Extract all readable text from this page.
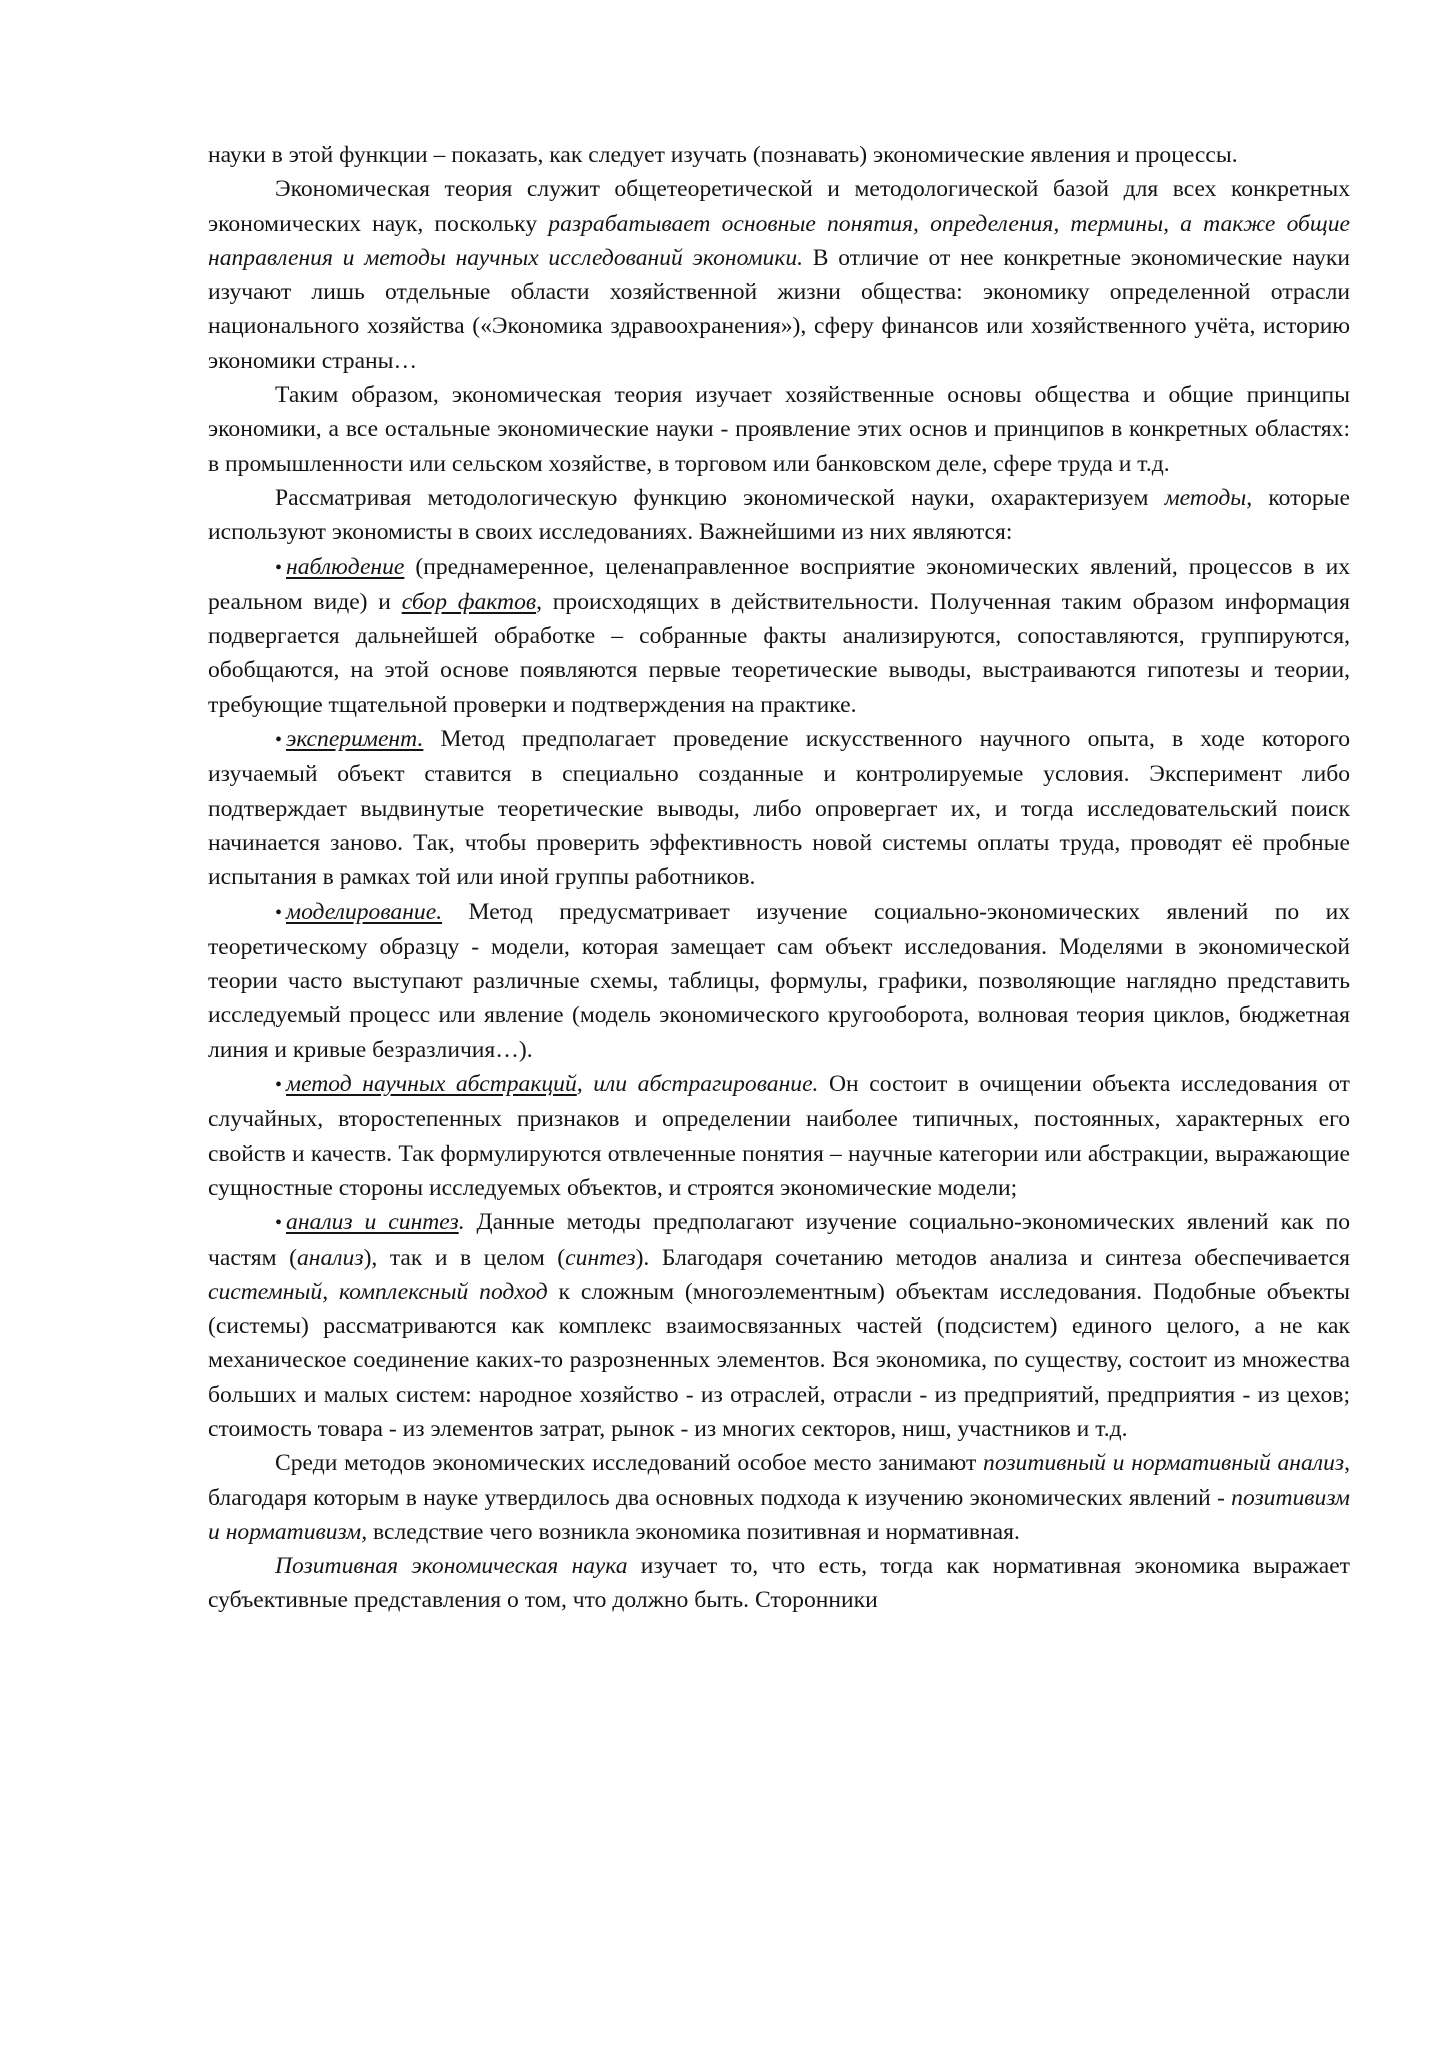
науки в этой функции – показать, как следует изучать (познавать) экономические явления и процессы.

Экономическая теория служит общетеоретической и методологической базой для всех конкретных экономических наук, поскольку разрабатывает основные понятия, определения, термины, а также общие направления и методы научных исследований экономики. В отличие от нее конкретные экономические науки изучают лишь отдельные области хозяйственной жизни общества: экономику определенной отрасли национального хозяйства («Экономика здравоохранения»), сферу финансов или хозяйственного учёта, историю экономики страны…

Таким образом, экономическая теория изучает хозяйственные основы общества и общие принципы экономики, а все остальные экономические науки - проявление этих основ и принципов в конкретных областях: в промышленности или сельском хозяйстве, в торговом или банковском деле, сфере труда и т.д.

Рассматривая методологическую функцию экономической науки, охарактеризуем методы, которые используют экономисты в своих исследованиях. Важнейшими из них являются:

• наблюдение (преднамеренное, целенаправленное восприятие экономических явлений, процессов в их реальном виде) и сбор фактов, происходящих в действительности. Полученная таким образом информация подвергается дальнейшей обработке – собранные факты анализируются, сопоставляются, группируются, обобщаются, на этой основе появляются первые теоретические выводы, выстраиваются гипотезы и теории, требующие тщательной проверки и подтверждения на практике.

• эксперимент. Метод предполагает проведение искусственного научного опыта, в ходе которого изучаемый объект ставится в специально созданные и контролируемые условия. Эксперимент либо подтверждает выдвинутые теоретические выводы, либо опровергает их, и тогда исследовательский поиск начинается заново. Так, чтобы проверить эффективность новой системы оплаты труда, проводят её пробные испытания в рамках той или иной группы работников.

• моделирование. Метод предусматривает изучение социально-экономических явлений по их теоретическому образцу - модели, которая замещает сам объект исследования. Моделями в экономической теории часто выступают различные схемы, таблицы, формулы, графики, позволяющие наглядно представить исследуемый процесс или явление (модель экономического кругооборота, волновая теория циклов, бюджетная линия и кривые безразличия…).

• метод научных абстракций, или абстрагирование. Он состоит в очищении объекта исследования от случайных, второстепенных признаков и определении наиболее типичных, постоянных, характерных его свойств и качеств. Так формулируются отвлеченные понятия – научные категории или абстракции, выражающие сущностные стороны исследуемых объектов, и строятся экономические модели;

• анализ и синтез. Данные методы предполагают изучение социально-экономических явлений как по частям (анализ), так и в целом (синтез). Благодаря сочетанию методов анализа и синтеза обеспечивается системный, комплексный подход к сложным (многоэлементным) объектам исследования. Подобные объекты (системы) рассматриваются как комплекс взаимосвязанных частей (подсистем) единого целого, а не как механическое соединение каких-то разрозненных элементов. Вся экономика, по существу, состоит из множества больших и малых систем: народное хозяйство - из отраслей, отрасли - из предприятий, предприятия - из цехов; стоимость товара - из элементов затрат, рынок - из многих секторов, ниш, участников и т.д.

Среди методов экономических исследований особое место занимают позитивный и нормативный анализ, благодаря которым в науке утвердилось два основных подхода к изучению экономических явлений - позитивизм и нормативизм, вследствие чего возникла экономика позитивная и нормативная.

Позитивная экономическая наука изучает то, что есть, тогда как нормативная экономика выражает субъективные представления о том, что должно быть. Сторонники
